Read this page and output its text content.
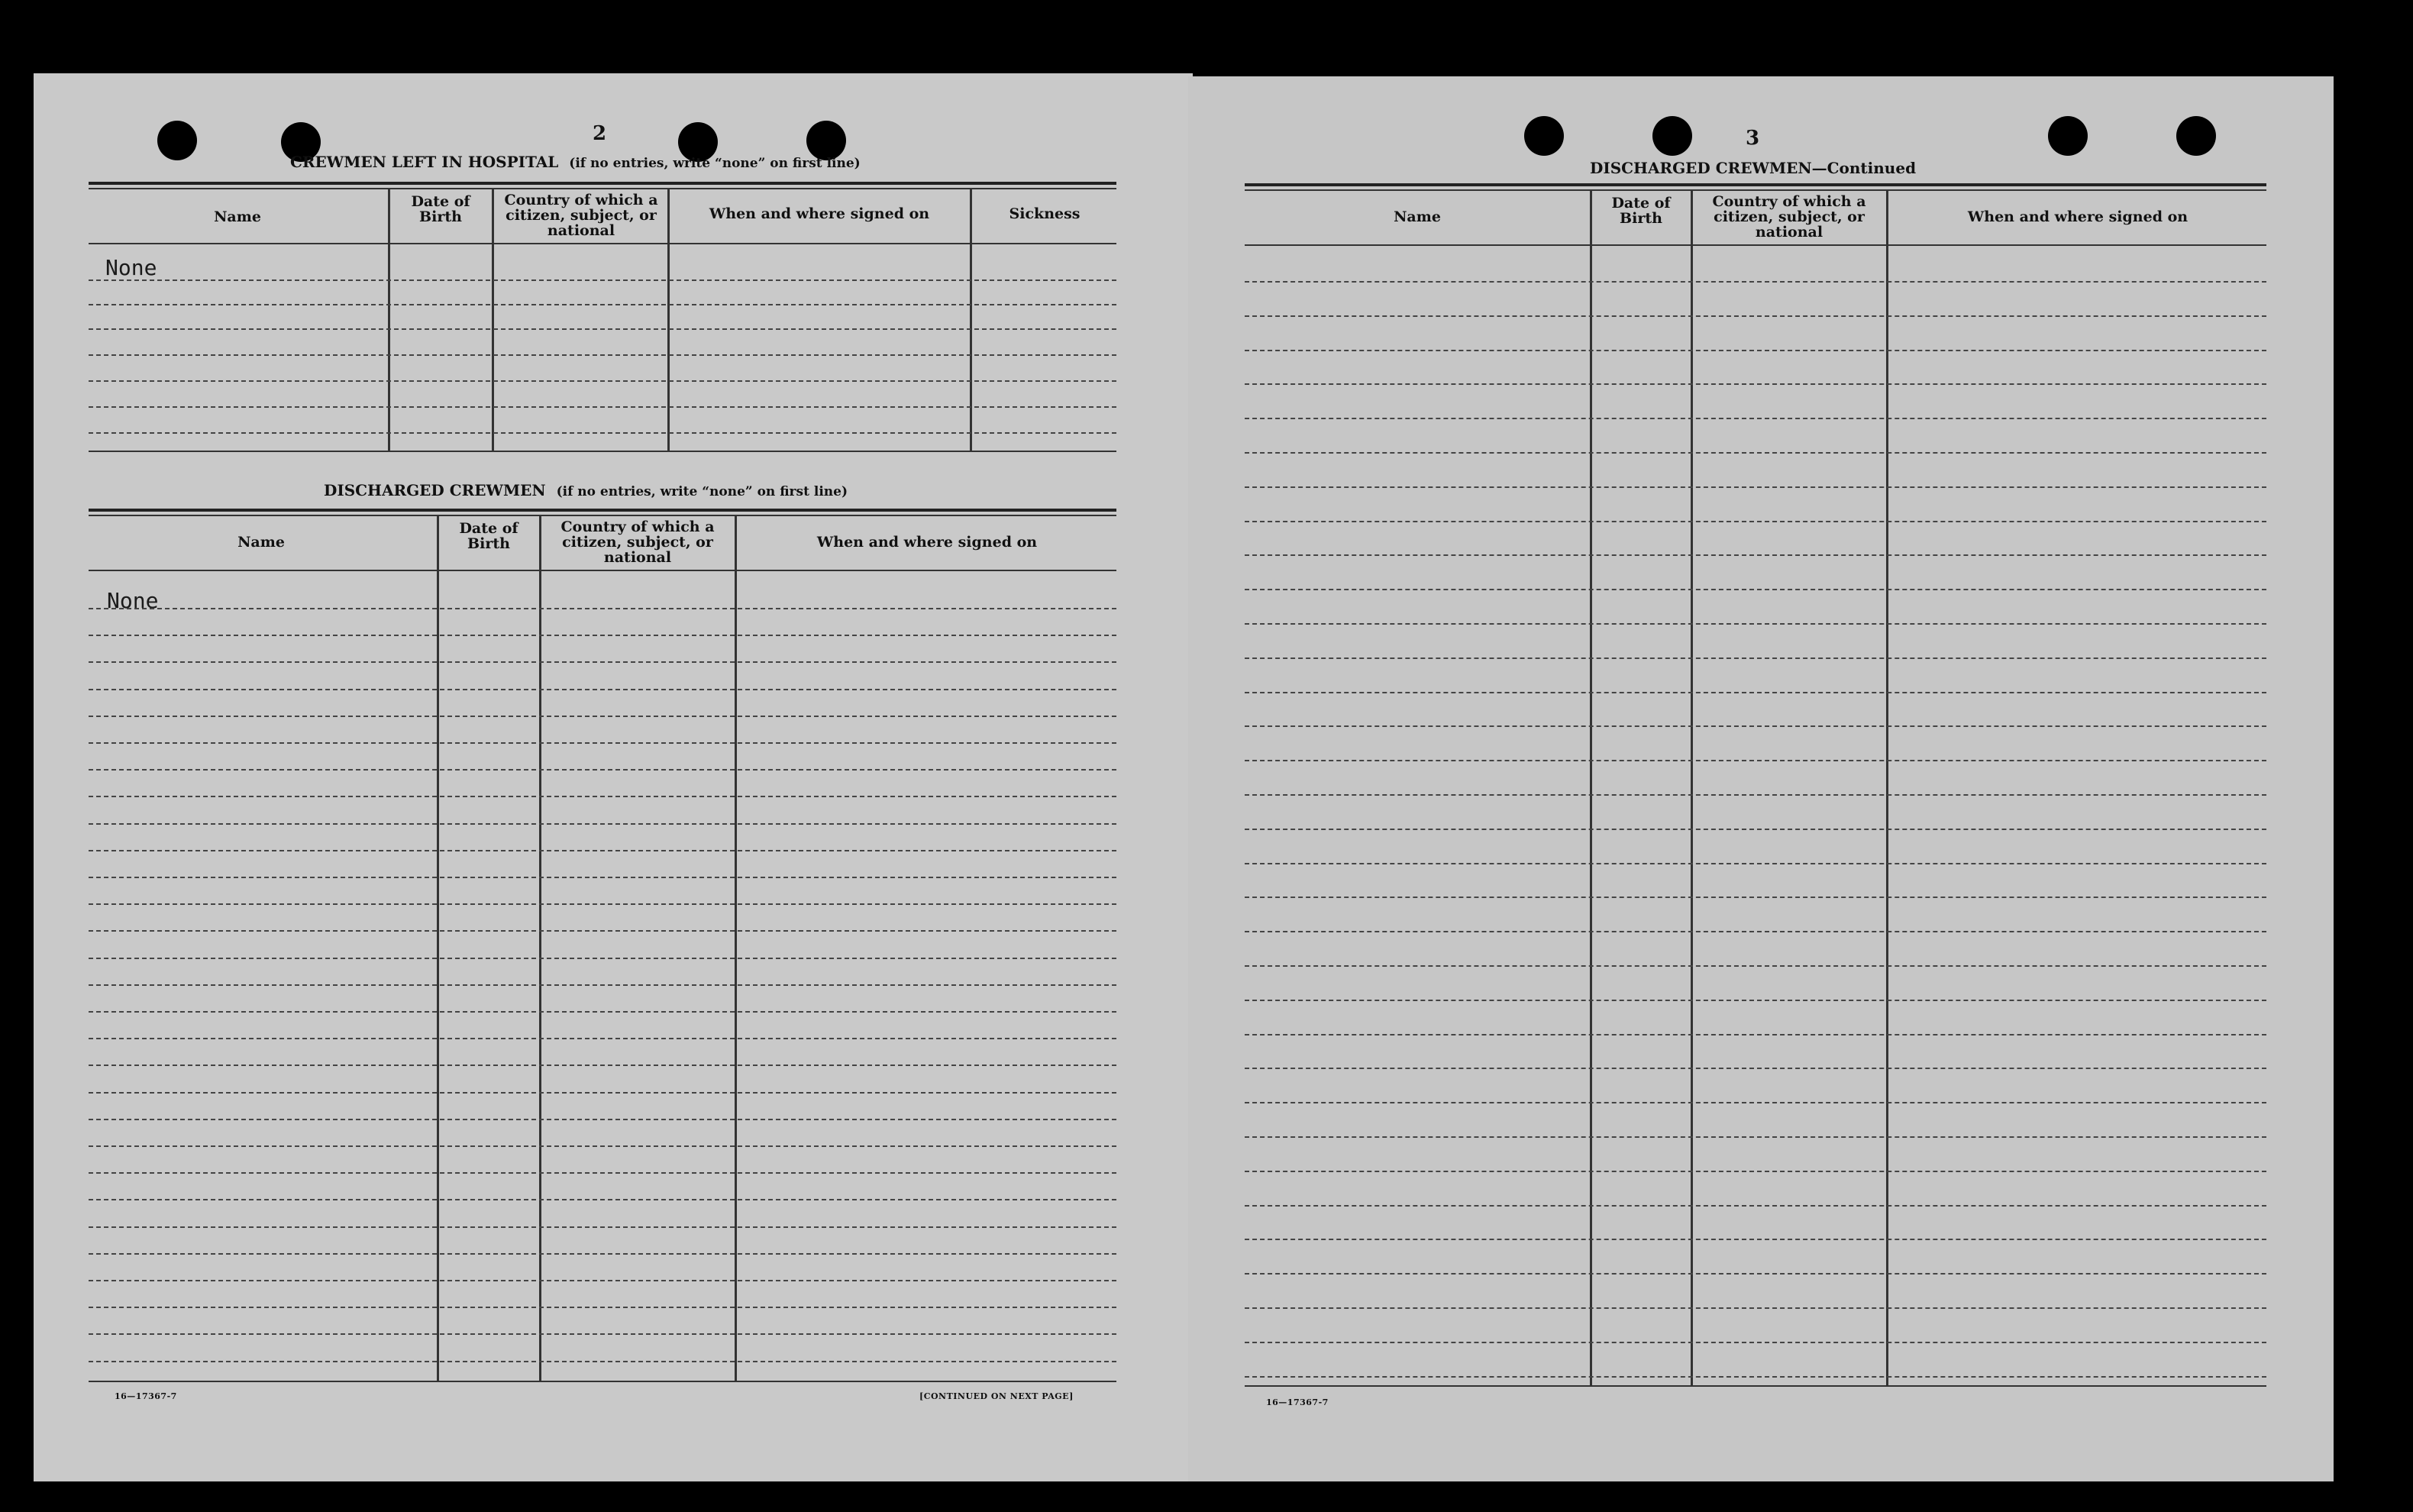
2
CREWMEN LEFT IN HOSPITAL (if no entries, write “none” on first line)
Name
Date of Birth
Country of which a citizen, subject, or national
When and where signed on	Sickness
None
DISCHARGED CREWMEN (if no entries, write “none” on first line)
Name
Date of Birth
Country of which a citizen, subject, or national
When and where signed on
None
16—17367-7	[CONTINUED ON NEXT PAGE]
3
DISCHARGED CREWMEN—Continued
Name
Date of Birth
Country of which a citizen, subject, or national
When and where signed on
16—17367-7
